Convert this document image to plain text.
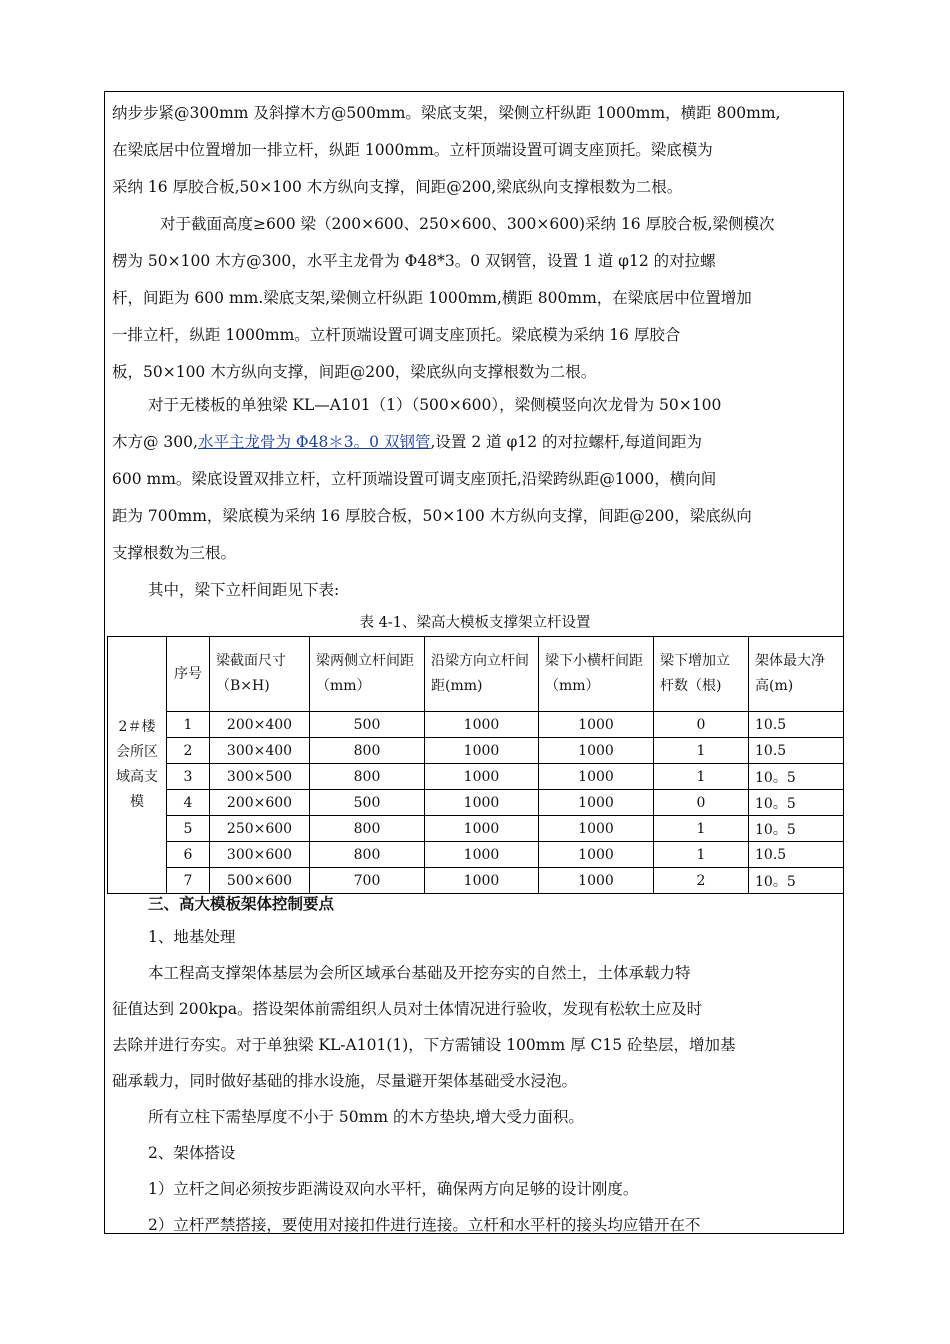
纳步步紧@300mm 及斜撑木方@500mm。梁底支架，梁侧立杆纵距 1000mm，横距 800mm,
在梁底居中位置增加一排立杆，纵距 1000mm。立杆顶端设置可调支座顶托。梁底模为
采纳 16 厚胶合板,50×100 木方纵向支撑，间距@200,梁底纵向支撑根数为二根。
对于截面高度≥600 梁（200×600、250×600、300×600)采纳 16 厚胶合板,梁侧模次
楞为 50×100 木方@300，水平主龙骨为 Φ48*3。0 双钢管，设置 1 道 φ12 的对拉螺
杆，间距为 600 mm.梁底支架,梁侧立杆纵距 1000mm,横距 800mm，在梁底居中位置增加
一排立杆，纵距 1000mm。立杆顶端设置可调支座顶托。梁底模为采纳 16 厚胶合
板，50×100 木方纵向支撑，间距@200，梁底纵向支撑根数为二根。
对于无楼板的单独梁 KL—A101（1）（500×600），梁侧模竖向次龙骨为 50×100
木方@ 300,水平主龙骨为 Φ48＊3。0 双钢管,设置 2 道 φ12 的对拉螺杆,每道间距为
600 mm。梁底设置双排立杆，立杆顶端设置可调支座顶托,沿梁跨纵距@1000，横向间
距为 700mm，梁底模为采纳 16 厚胶合板，50×100 木方纵向支撑，间距@200，梁底纵向
支撑根数为三根。
其中，梁下立杆间距见下表:
表 4-1、梁高大模板支撑架立杆设置
2＃楼会所区域高支模	序号	梁截面尺寸（B×H)	梁两侧立杆间距（mm）	沿梁方向立杆间距(mm)	梁下小横杆间距（mm）	梁下增加立杆数（根)	架体最大净高(m)
	1	200×400	500	1000	1000	0	10.5
	2	300×400	800	1000	1000	1	10.5
	3	300×500	800	1000	1000	1	10。5
	4	200×600	500	1000	1000	0	10。5
	5	250×600	800	1000	1000	1	10。5
	6	300×600	800	1000	1000	1	10.5
	7	500×600	700	1000	1000	2	10。5
三、高大模板架体控制要点
1、地基处理
本工程高支撑架体基层为会所区域承台基础及开挖夯实的自然土，土体承载力特
征值达到 200kpa。搭设架体前需组织人员对土体情况进行验收，发现有松软土应及时
去除并进行夯实。对于单独梁 KL-A101(1)，下方需铺设 100mm 厚 C15 砼垫层，增加基
础承载力，同时做好基础的排水设施，尽量避开架体基础受水浸泡。
所有立柱下需垫厚度不小于 50mm 的木方垫块,增大受力面积。
2、架体搭设
1）立杆之间必须按步距满设双向水平杆，确保两方向足够的设计刚度。
2）立杆严禁搭接，要使用对接扣件进行连接。立杆和水平杆的接头均应错开在不
